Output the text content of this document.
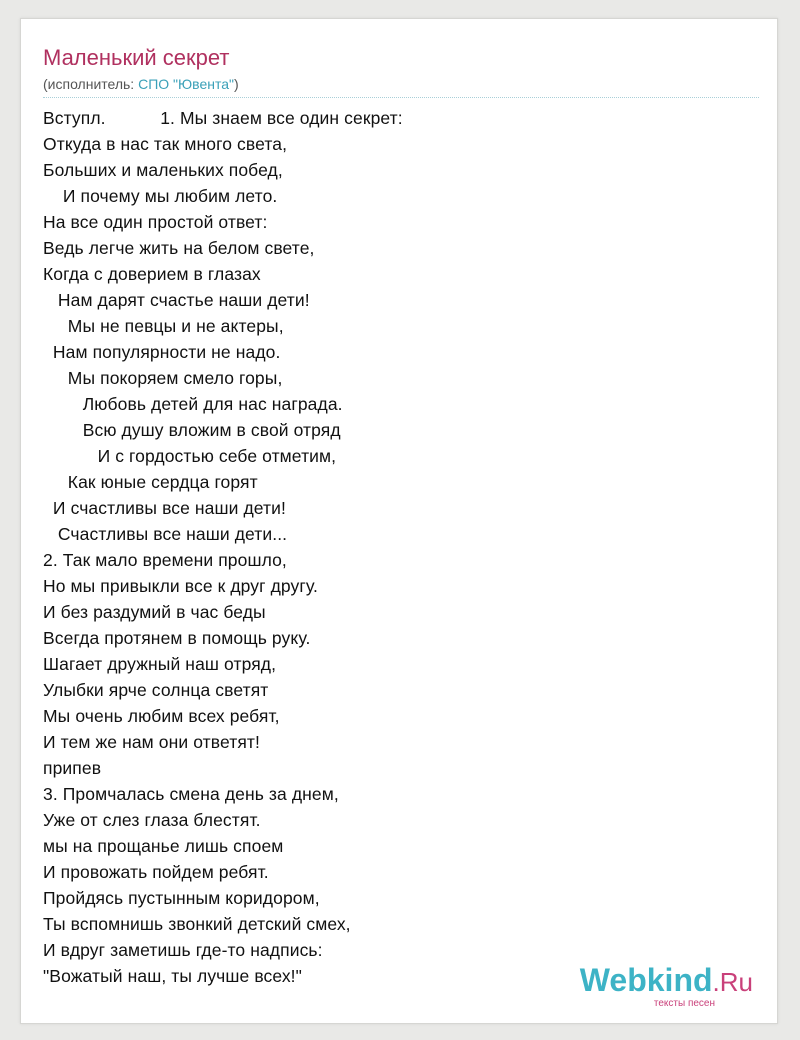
Маленький секрет
(исполнитель: СПО "Ювента")
Вступл.           1. Мы знаем все один секрет:
Откуда в нас так много света,
Больших и маленьких побед,
И почему мы любим лето.
На все один простой ответ:
Ведь легче жить на белом свете,
Когда с доверием в глазах
Нам дарят счастье наши дети!
Мы не певцы и не актеры,
Нам популярности не надо.
Мы покоряем смело горы,
Любовь детей для нас награда.
Всю душу вложим в свой отряд
И с гордостью себе отметим,
Как юные сердца горят
И счастливы все наши дети!
Счастливы все наши дети...
2. Так мало времени прошло,
Но мы привыкли все к друг другу.
И без раздумий в час беды
Всегда протянем в помощь руку.
Шагает дружный наш отряд,
Улыбки ярче солнца светят
Мы очень любим всех ребят,
И тем же нам они ответят!
припев
3. Промчалась смена день за днем,
Уже от слез глаза блестят.
мы на прощанье лишь споем
И провожать пойдем ребят.
Пройдясь пустынным коридором,
Ты вспомнишь звонкий детский смех,
И вдруг заметишь где-то надпись:
"Вожатый наш, ты лучше всех!"	Webkind.Ru
тексты песен
